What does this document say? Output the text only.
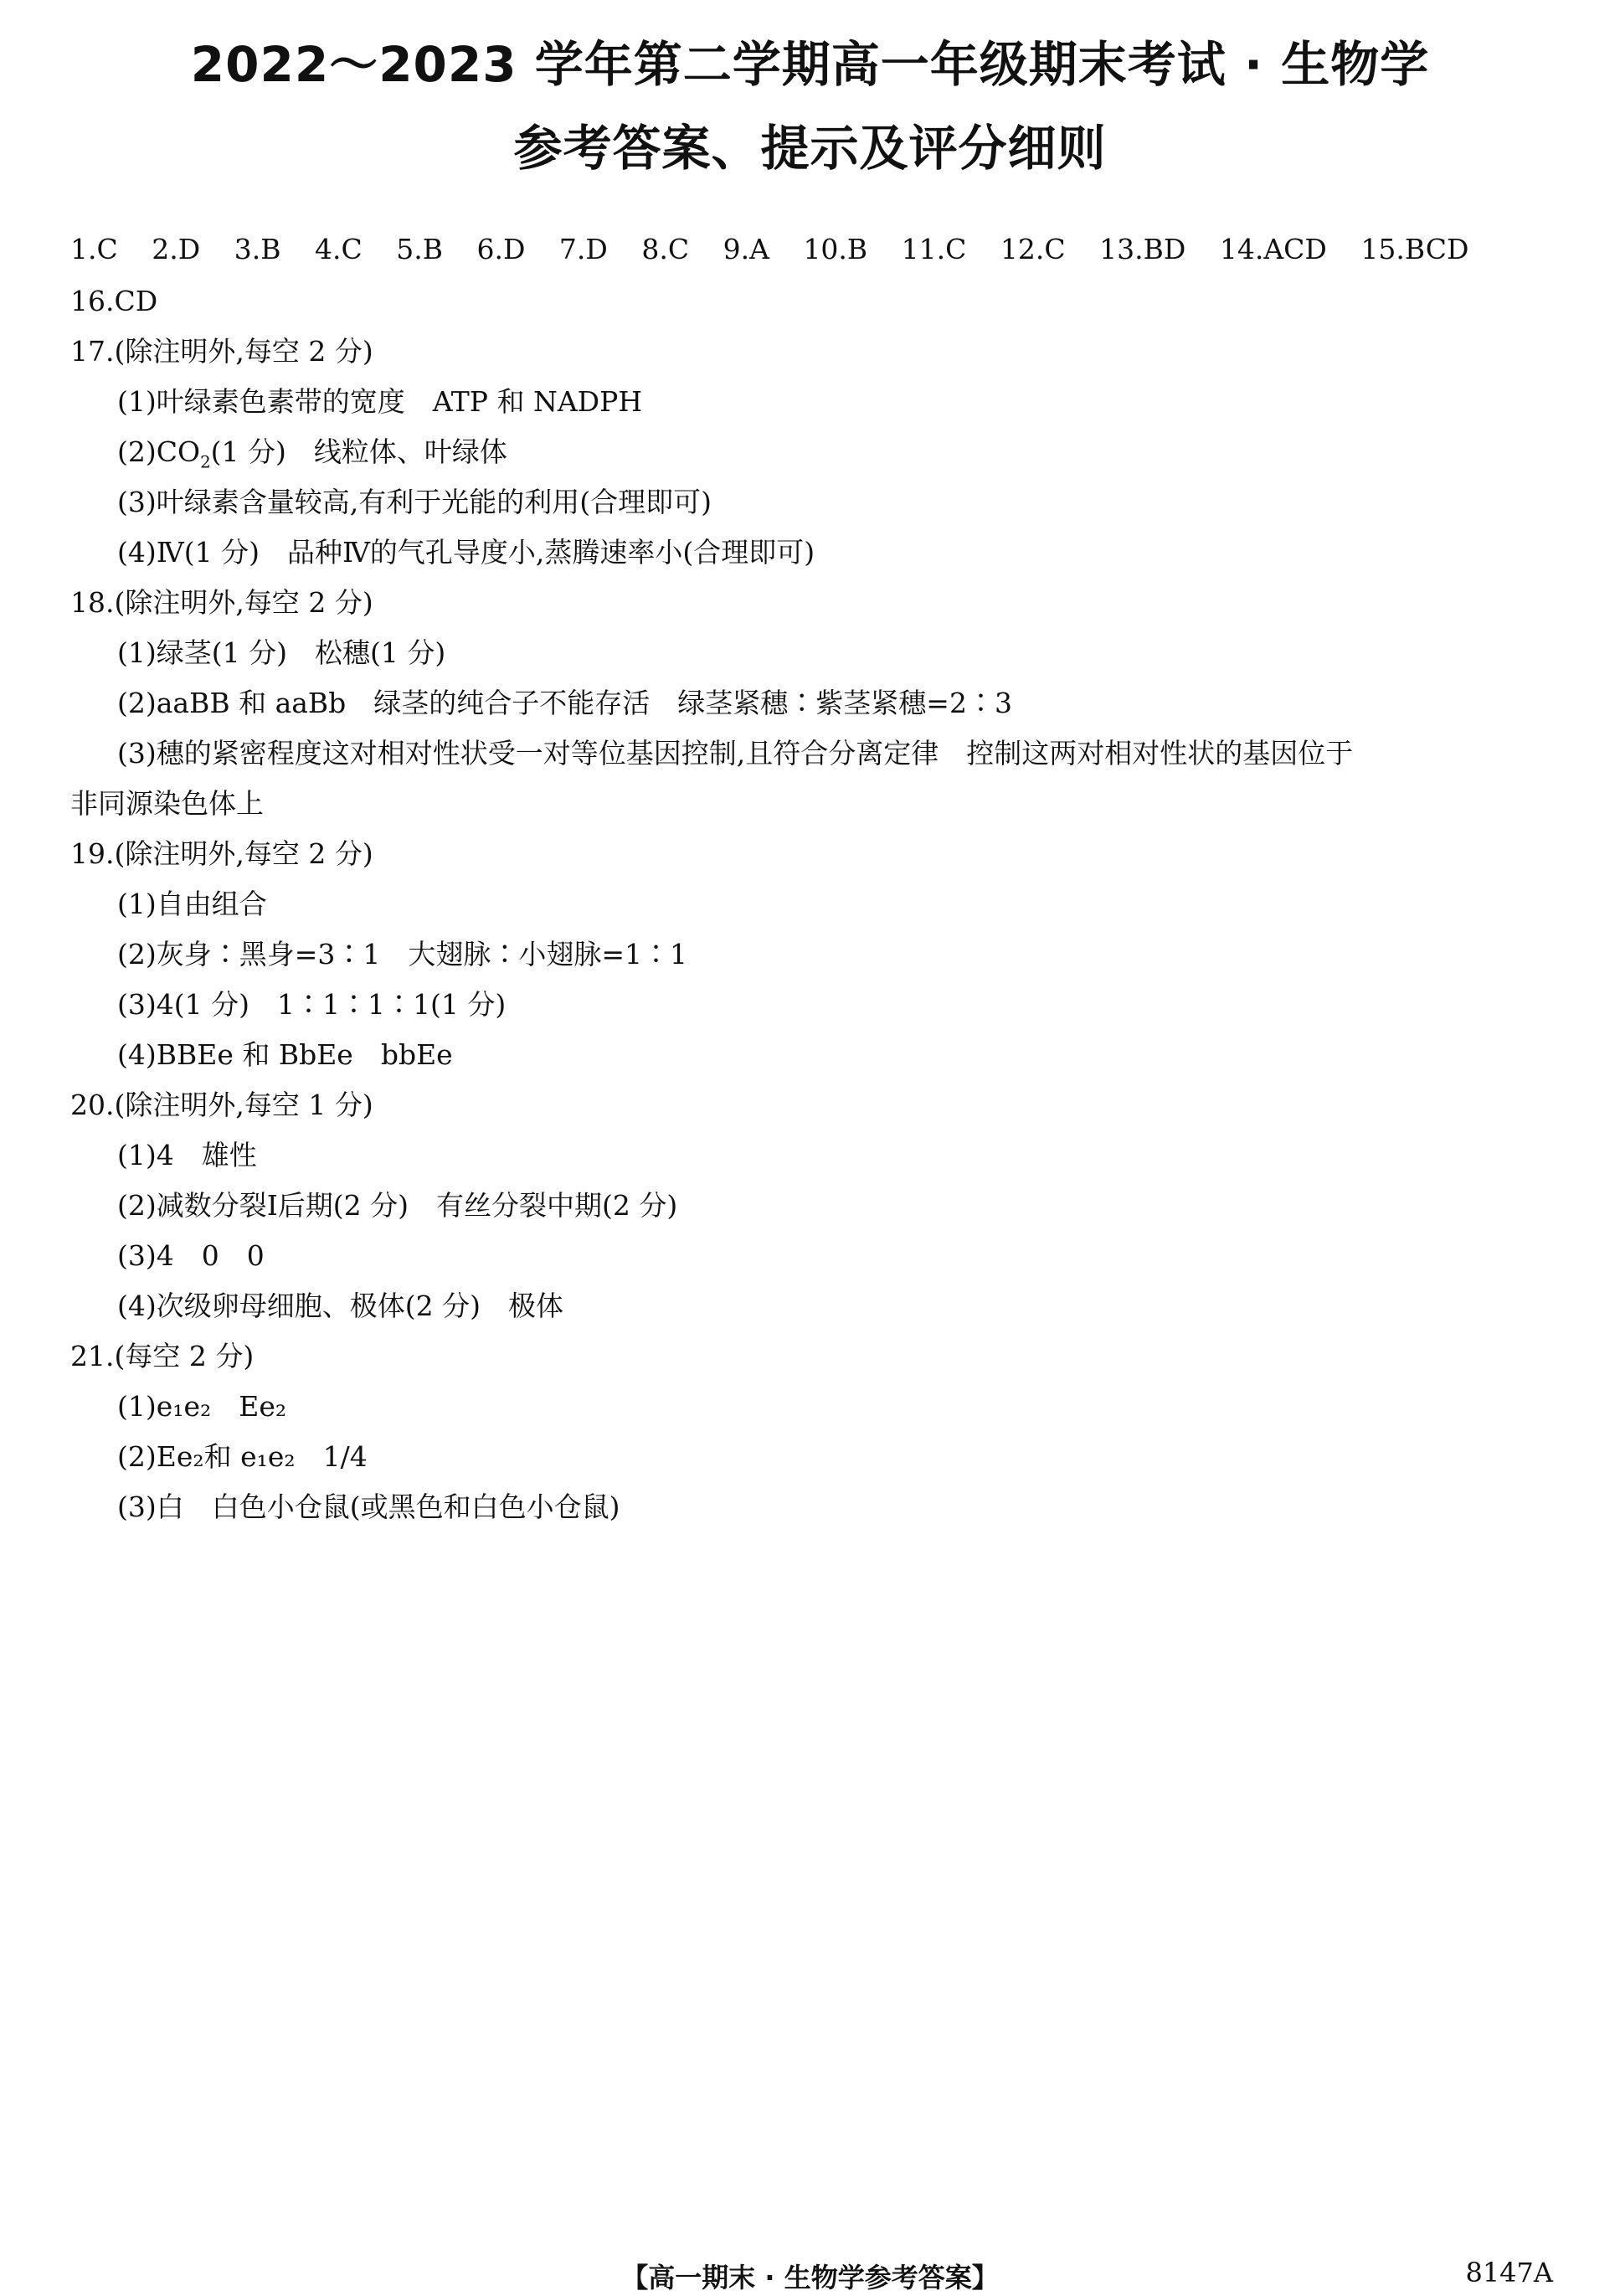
2022～2023 学年第二学期高一年级期末考试 · 生物学
参考答案、提示及评分细则
1.C 2.D 3.B 4.C 5.B 6.D 7.D 8.C 9.A 10.B 11.C 12.C 13.BD 14.ACD 15.BCD
16.CD
17.(除注明外,每空 2 分)
(1)叶绿素色素带的宽度　ATP 和 NADPH
$(2)CO_2(1$ 分)　线粒体、叶绿体
(3)叶绿素含量较高,有利于光能的利用(合理即可)
(4)Ⅳ(1 分)　品种Ⅳ的气孔导度小,蒸腾速率小(合理即可)
18.(除注明外,每空 2 分)
(1)绿茎(1 分)　松穗(1 分)
(2)aaBB 和 aaBb　绿茎的纯合子不能存活　绿茎紧穗∶紫茎紧穗=2∶3
(3)穗的紧密程度这对相对性状受一对等位基因控制,且符合分离定律　控制这两对相对性状的基因位于
非同源染色体上
19.(除注明外,每空 2 分)
(1)自由组合
(2)灰身∶黑身=3∶1　大翅脉∶小翅脉=1∶1
(3)4(1 分)　1∶1∶1∶1(1 分)
(4)BBEe 和 BbEe　bbEe
20.(除注明外,每空 1 分)
(1)4　雄性
(2)减数分裂Ⅰ后期(2 分)　有丝分裂中期(2 分)
(3)4　0　0
(4)次级卵母细胞、极体(2 分)　极体
21.(每空 2 分)
(1)e₁e₂　Ee₂
(2)Ee₂和 e₁e₂　1/4
(3)白　白色小仓鼠(或黑色和白色小仓鼠)
【高一期末 · 生物学参考答案】	8147A
